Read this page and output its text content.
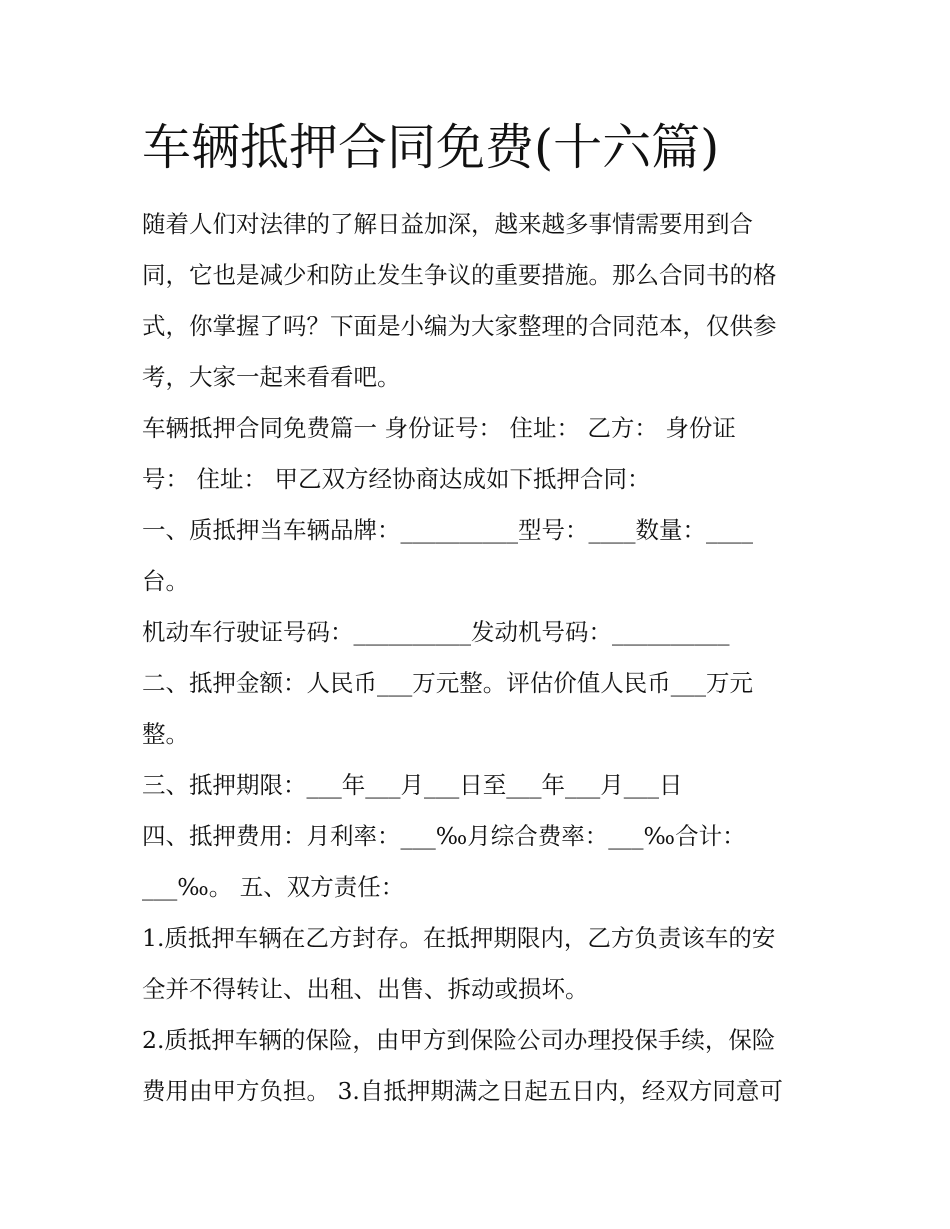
车辆抵押合同免费(十六篇)
随着人们对法律的了解日益加深，越来越多事情需要用到合
同，它也是减少和防止发生争议的重要措施。那么合同书的格
式，你掌握了吗？下面是小编为大家整理的合同范本，仅供参
考，大家一起来看看吧。
车辆抵押合同免费篇一 身份证号： 住址： 乙方： 身份证
号： 住址： 甲乙双方经协商达成如下抵押合同：
一、质抵押当车辆品牌：__________型号：____数量：____
台。
机动车行驶证号码：__________发动机号码：__________
二、抵押金额：人民币___万元整。评估价值人民币___万元
整。
三、抵押期限：___年___月___日至___年___月___日
四、抵押费用：月利率：___‰月综合费率：___‰合计：
___‰。 五、双方责任：
1.质抵押车辆在乙方封存。在抵押期限内，乙方负责该车的安
全并不得转让、出租、出售、拆动或损坏。
2.质抵押车辆的保险，由甲方到保险公司办理投保手续，保险
费用由甲方负担。 3.自抵押期满之日起五日内，经双方同意可
